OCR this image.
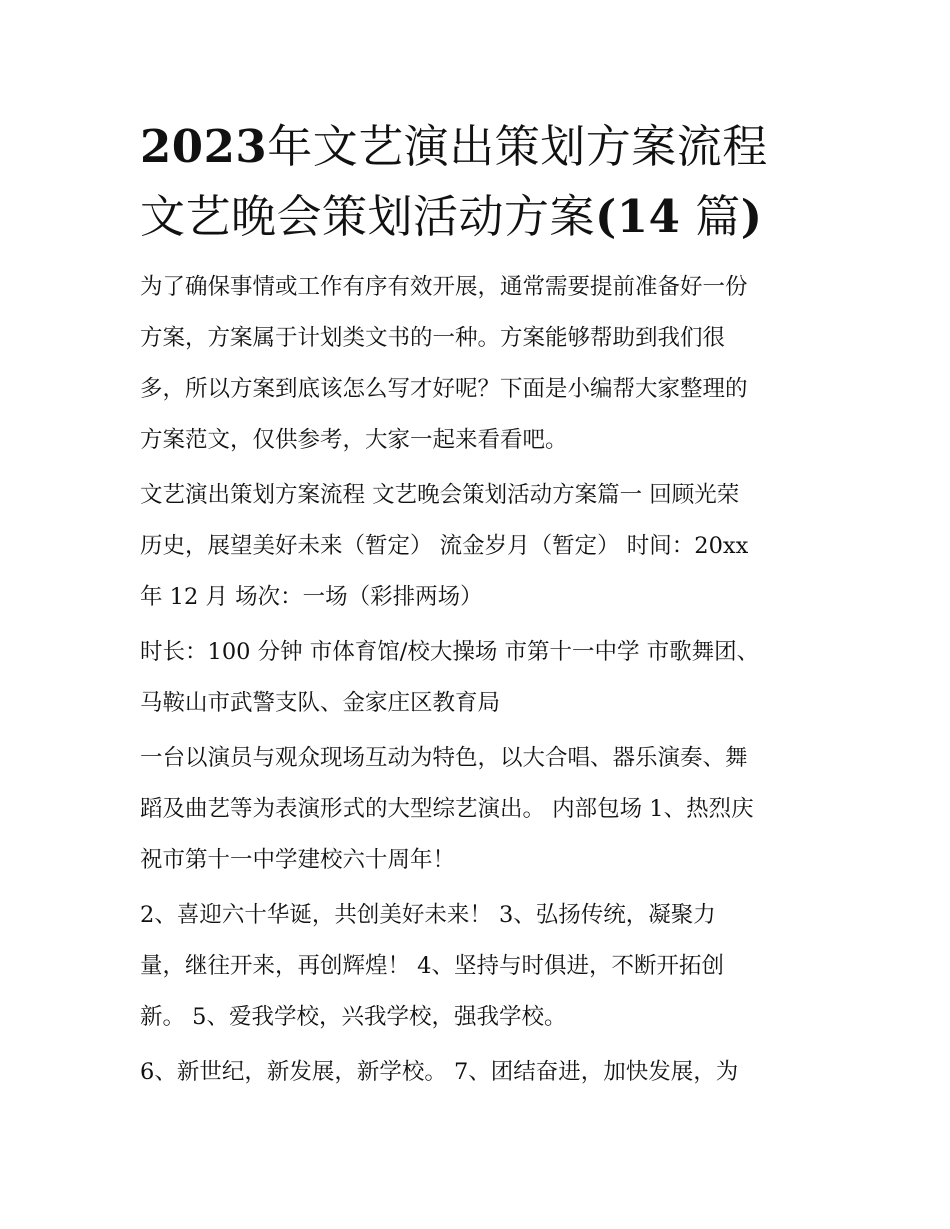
2023年文艺演出策划方案流程
文艺晚会策划活动方案(14 篇)

为了确保事情或工作有序有效开展，通常需要提前准备好一份
方案，方案属于计划类文书的一种。方案能够帮助到我们很
多，所以方案到底该怎么写才好呢？下面是小编帮大家整理的
方案范文，仅供参考，大家一起来看看吧。

文艺演出策划方案流程 文艺晚会策划活动方案篇一 回顾光荣
历史，展望美好未来（暂定） 流金岁月（暂定） 时间：20xx
年 12 月 场次：一场（彩排两场）

时长：100 分钟 市体育馆/校大操场 市第十一中学 市歌舞团、
马鞍山市武警支队、金家庄区教育局

一台以演员与观众现场互动为特色，以大合唱、器乐演奏、舞
蹈及曲艺等为表演形式的大型综艺演出。 内部包场 1、热烈庆
祝市第十一中学建校六十周年！

2、喜迎六十华诞，共创美好未来！ 3、弘扬传统，凝聚力
量，继往开来，再创辉煌！ 4、坚持与时俱进，不断开拓创
新。 5、爱我学校，兴我学校，强我学校。

6、新世纪，新发展，新学校。 7、团结奋进，加快发展，为
